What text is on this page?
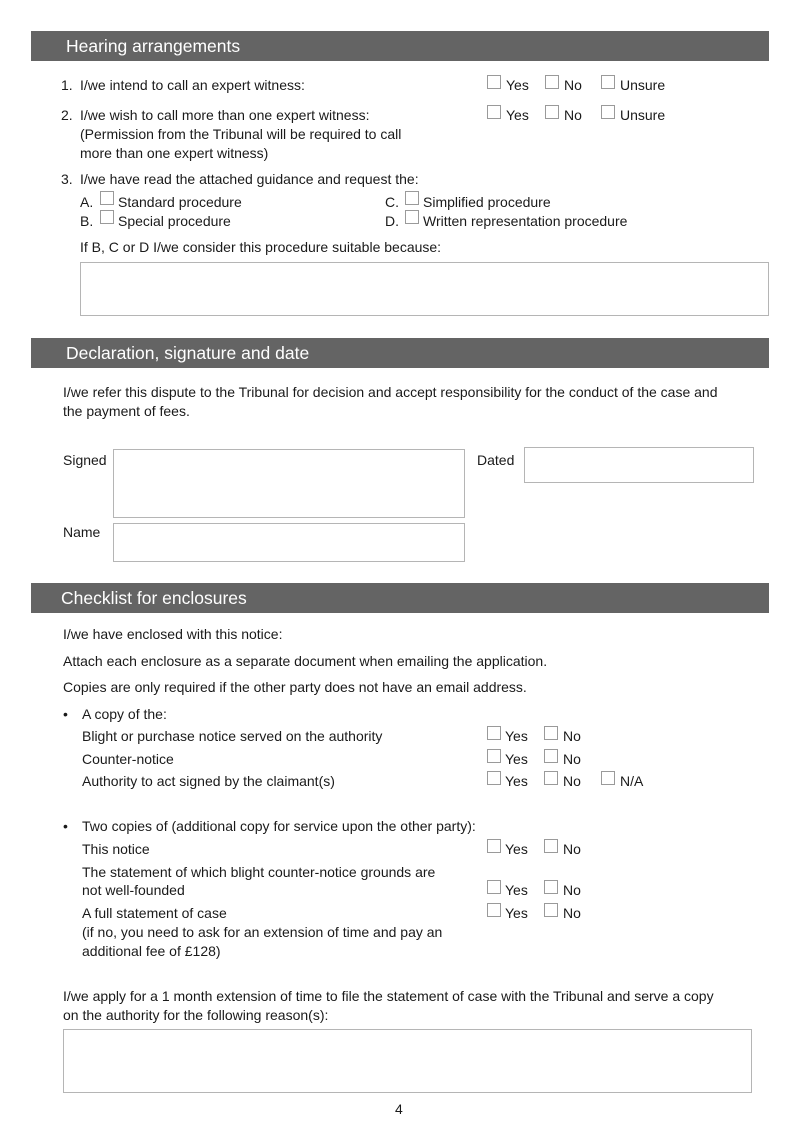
Hearing arrangements
1. I/we intend to call an expert witness:	Yes	No	Unsure
2. I/we wish to call more than one expert witness:
(Permission from the Tribunal will be required to call
more than one expert witness)
Yes	No	Unsure
3. I/we have read the attached guidance and request the:
A. Standard procedure
B. Special procedure
C. Simplified procedure
D. Written representation procedure
If B, C or D I/we consider this procedure suitable because:
Declaration, signature and date
I/we refer this dispute to the Tribunal for decision and accept responsibility for the conduct of the case and
the payment of fees.
Signed	Dated
Name
Checklist for enclosures
I/we have enclosed with this notice:
Attach each enclosure as a separate document when emailing the application.
Copies are only required if the other party does not have an email address.
• A copy of the:
Blight or purchase notice served on the authority	Yes	No
Counter-notice	Yes	No
Authority to act signed by the claimant(s)	Yes	No	N/A
• Two copies of (additional copy for service upon the other party):
This notice	Yes	No
The statement of which blight counter-notice grounds are
not well-founded	Yes	No
A full statement of case
(if no, you need to ask for an extension of time and pay an
additional fee of £128)
Yes	No
I/we apply for a 1 month extension of time to file the statement of case with the Tribunal and serve a copy
on the authority for the following reason(s):
4
